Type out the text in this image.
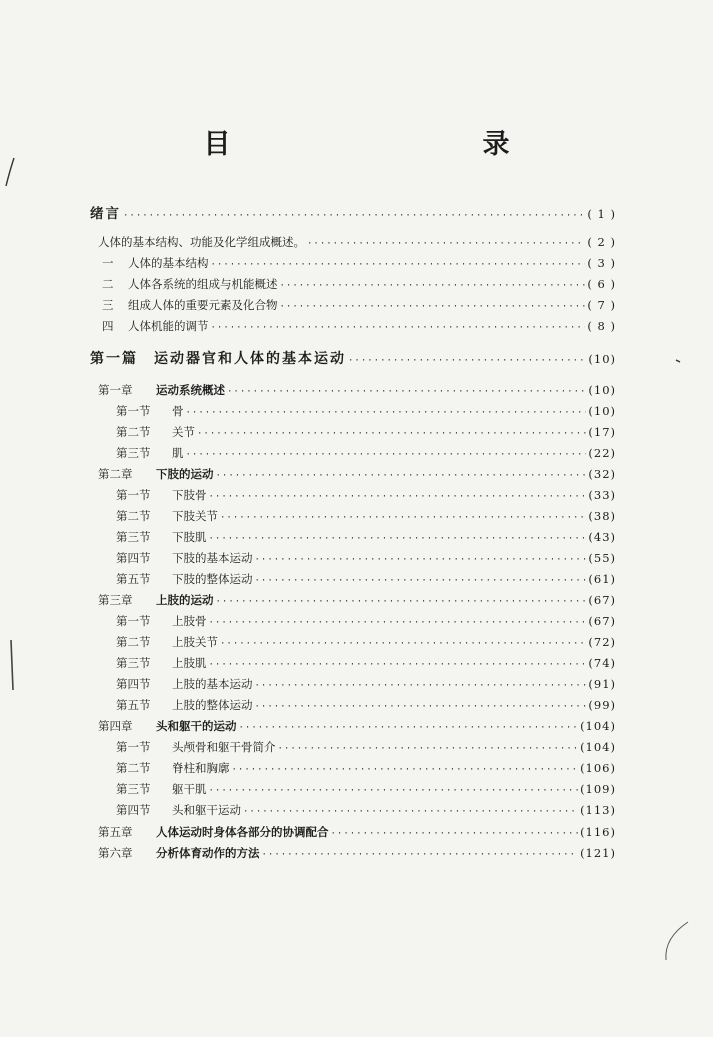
目　　录
绪言 ·····	( 1 )
人体的基本结构、功能及化学组成概述。 ·····	( 2 )
一	人体的基本结构 ·····	( 3 )
二	人体各系统的组成与机能概述 ·····	( 6 )
三	组成人体的重要元素及化合物 ·····	( 7 )
四	人体机能的调节 ·····	( 8 )
第一篇　运动器官和人体的基本运动 ·····	(10)
第一章	运动系统概述 ·····	(10)
第一节	骨 ·····	(10)
第二节	关节 ·····	(17)
第三节	肌 ·····	(22)
第二章	下肢的运动 ·····	(32)
第一节	下肢骨 ·····	(33)
第二节	下肢关节 ·····	(38)
第三节	下肢肌 ·····	(43)
第四节	下肢的基本运动 ·····	(55)
第五节	下肢的整体运动 ·····	(61)
第三章	上肢的运动 ·····	(67)
第一节	上肢骨 ·····	(67)
第二节	上肢关节 ·····	(72)
第三节	上肢肌 ·····	(74)
第四节	上肢的基本运动 ·····	(91)
第五节	上肢的整体运动 ·····	(99)
第四章	头和躯干的运动 ·····	(104)
第一节	头颅骨和躯干骨简介 ·····	(104)
第二节	脊柱和胸廓 ·····	(106)
第三节	躯干肌 ·····	(109)
第四节	头和躯干运动 ·····	(113)
第五章	人体运动时身体各部分的协调配合 ·····	(116)
第六章	分析体育动作的方法 ·····	(121)
